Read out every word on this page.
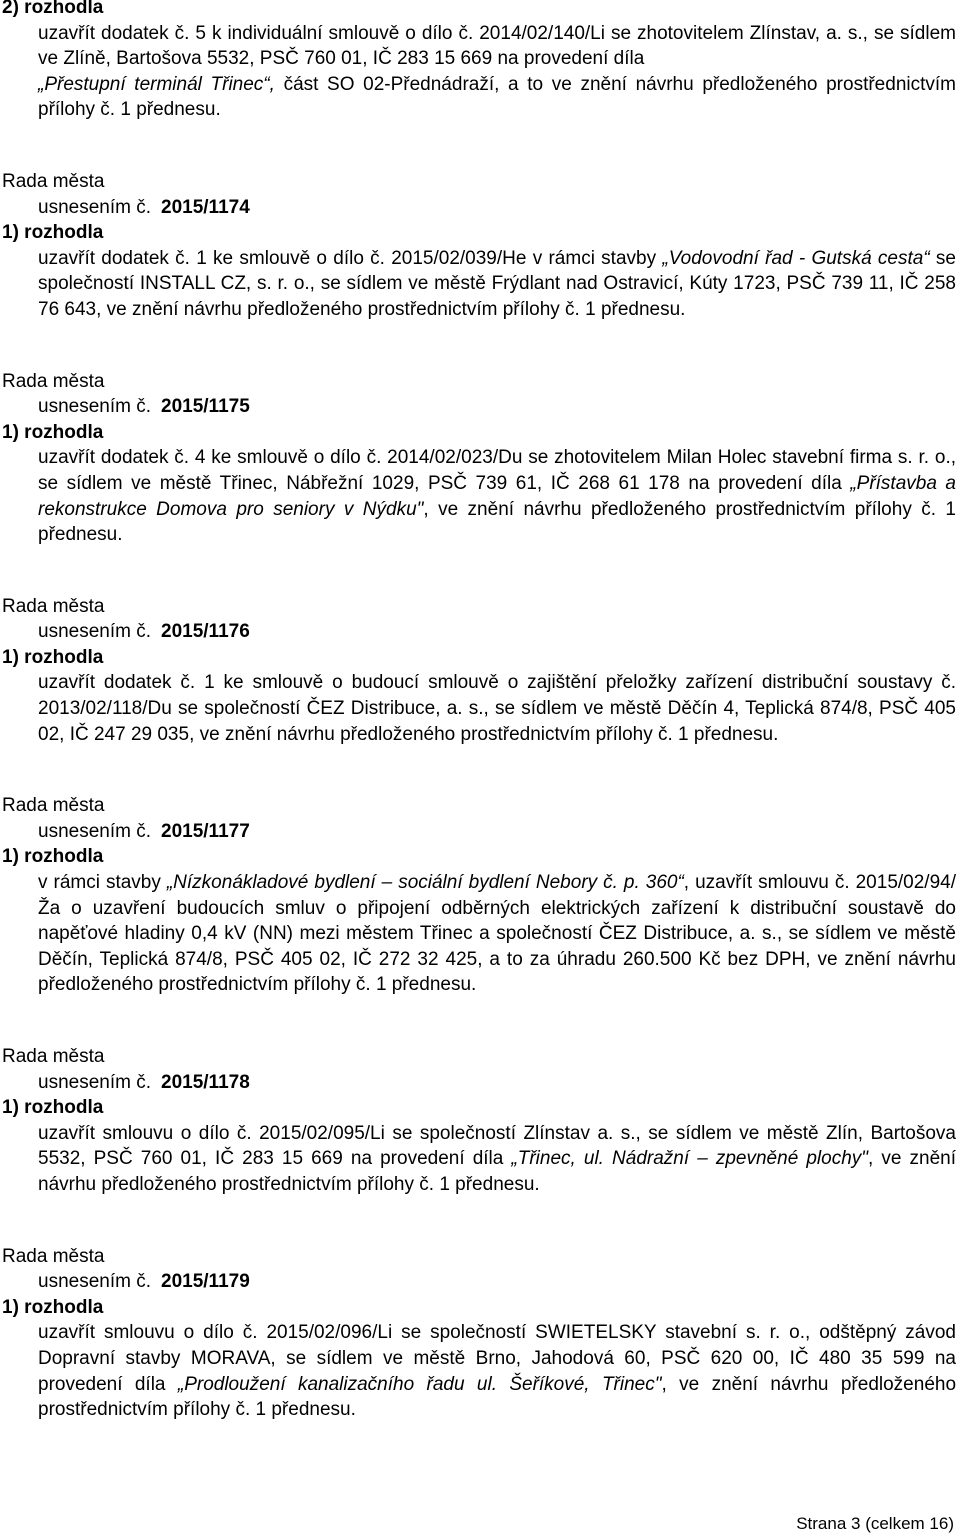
2) rozhodla

uzavřít dodatek č. 5 k individuální smlouvě o dílo č. 2014/02/140/Li se zhotovitelem Zlínstav, a. s., se sídlem ve Zlíně, Bartošova 5532, PSČ 760 01, IČ 283 15 669 na provedení díla
„Přestupní terminál Třinec“, část SO 02-Přednádraží, a to ve znění návrhu předloženého prostřednictvím přílohy č. 1 přednesu.

Rada města
usnesením č. 2015/1174
1) rozhodla

uzavřít dodatek č. 1 ke smlouvě o dílo č. 2015/02/039/He v rámci stavby „Vodovodní řad - Gutská cesta“ se společností INSTALL CZ, s. r. o., se sídlem ve městě Frýdlant nad Ostravicí, Kúty 1723, PSČ 739 11, IČ 258 76 643, ve znění návrhu předloženého prostřednictvím přílohy č. 1 přednesu.

Rada města
usnesením č. 2015/1175
1) rozhodla

uzavřít dodatek č. 4 ke smlouvě o dílo č. 2014/02/023/Du se zhotovitelem Milan Holec stavební firma s. r. o., se sídlem ve městě Třinec, Nábřežní 1029, PSČ 739 61, IČ 268 61 178 na provedení díla „Přístavba a rekonstrukce Domova pro seniory v Nýdku", ve znění návrhu předloženého prostřednictvím přílohy č. 1 přednesu.

Rada města
usnesením č. 2015/1176
1) rozhodla

uzavřít dodatek č. 1 ke smlouvě o budoucí smlouvě o zajištění přeložky zařízení distribuční soustavy č. 2013/02/118/Du se společností ČEZ Distribuce, a. s., se sídlem ve městě Děčín 4, Teplická 874/8, PSČ 405 02, IČ 247 29 035, ve znění návrhu předloženého prostřednictvím přílohy č. 1 přednesu.

Rada města
usnesením č. 2015/1177
1) rozhodla

v rámci stavby „Nízkonákladové bydlení – sociální bydlení Nebory č. p. 360“, uzavřít smlouvu č. 2015/02/94/Ža o uzavření budoucích smluv o připojení odběrných elektrických zařízení k distribuční soustavě do napěťové hladiny 0,4 kV (NN) mezi městem Třinec a společností ČEZ Distribuce, a. s., se sídlem ve městě Děčín, Teplická 874/8, PSČ 405 02, IČ 272 32 425, a to za úhradu 260.500 Kč bez DPH, ve znění návrhu předloženého prostřednictvím přílohy č. 1 přednesu.

Rada města
usnesením č. 2015/1178
1) rozhodla

uzavřít smlouvu o dílo č. 2015/02/095/Li se společností Zlínstav a. s., se sídlem ve městě Zlín, Bartošova 5532, PSČ 760 01, IČ 283 15 669 na provedení díla „Třinec, ul. Nádražní – zpevněné plochy", ve znění návrhu předloženého prostřednictvím přílohy č. 1 přednesu.

Rada města
usnesením č. 2015/1179
1) rozhodla

uzavřít smlouvu o dílo č. 2015/02/096/Li se společností SWIETELSKY stavební s. r. o., odštěpný závod Dopravní stavby MORAVA, se sídlem ve městě Brno, Jahodová 60, PSČ 620 00, IČ 480 35 599 na provedení díla „Prodloužení kanalizačního řadu ul. Šeříkové, Třinec", ve znění návrhu předloženého prostřednictvím přílohy č. 1 přednesu.

Strana 3 (celkem 16)
